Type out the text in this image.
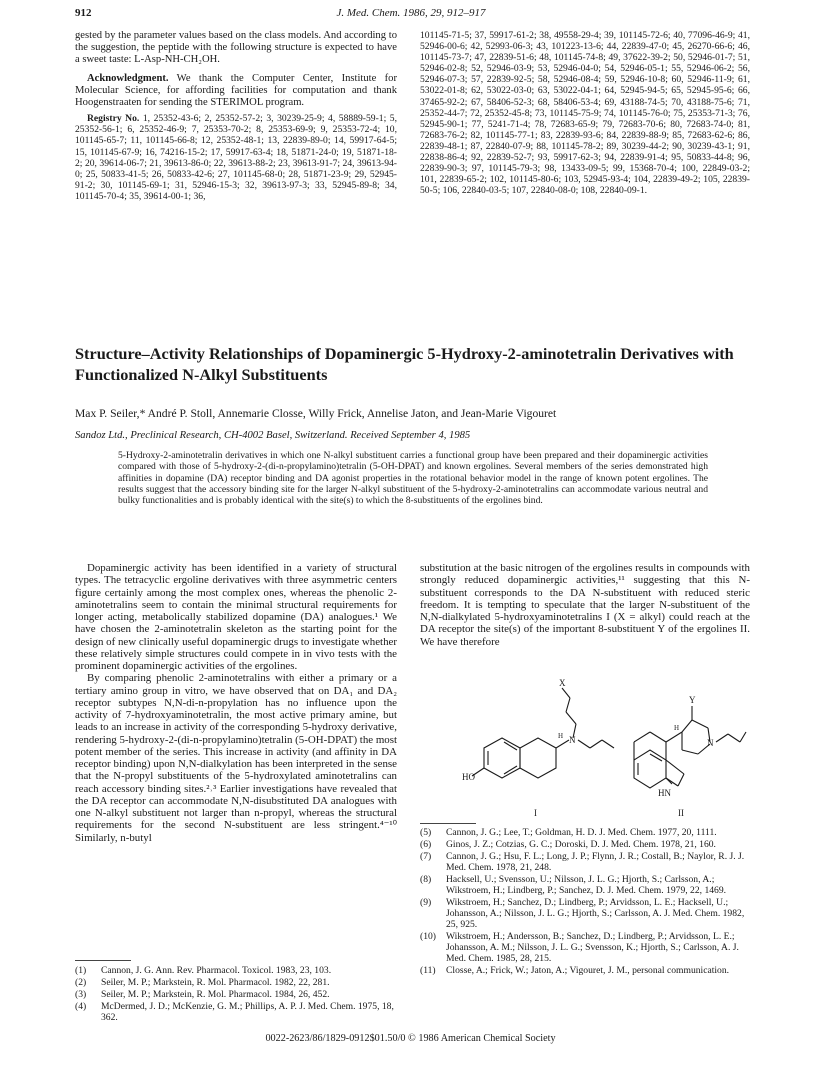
912	J. Med. Chem. 1986, 29, 912–917

gested by the parameter values based on the class models. And according to the suggestion, the peptide with the following structure is expected to have a sweet taste: L-Asp-NH-CH₂OH.

Acknowledgment. We thank the Computer Center, Institute for Molecular Science, for affording facilities for computation and thank Hoogenstraaten for sending the STERIMOL program.

Registry No. 1, 25352-43-6; 2, 25352-57-2; 3, 30239-25-9; 4, 58889-59-1; 5, 25352-56-1; 6, 25352-46-9; 7, 25353-70-2; 8, 25353-69-9; 9, 25353-72-4; 10, 101145-65-7; 11, 101145-66-8; 12, 25352-48-1; 13, 22839-89-0; 14, 59917-64-5; 15, 101145-67-9; 16, 74216-15-2; 17, 59917-63-4; 18, 51871-24-0; 19, 51871-18-2; 20, 39614-06-7; 21, 39613-86-0; 22, 39613-88-2; 23, 39613-91-7; 24, 39613-94-0; 25, 50833-41-5; 26, 50833-42-6; 27, 101145-68-0; 28, 51871-23-9; 29, 52945-91-2; 30, 101145-69-1; 31, 52946-15-3; 32, 39613-97-3; 33, 52945-89-8; 34, 101145-70-4; 35, 39614-00-1; 36,

101145-71-5; 37, 59917-61-2; 38, 49558-29-4; 39, 101145-72-6; 40, 77096-46-9; 41, 52946-00-6; 42, 52993-06-3; 43, 101223-13-6; 44, 22839-47-0; 45, 26270-66-6; 46, 101145-73-7; 47, 22839-51-6; 48, 101145-74-8; 49, 37622-39-2; 50, 52946-01-7; 51, 52946-02-8; 52, 52946-03-9; 53, 52946-04-0; 54, 52946-05-1; 55, 52946-06-2; 56, 52946-07-3; 57, 22839-92-5; 58, 52946-08-4; 59, 52946-10-8; 60, 52946-11-9; 61, 53022-01-8; 62, 53022-03-0; 63, 53022-04-1; 64, 52945-94-5; 65, 52945-95-6; 66, 37465-92-2; 67, 58406-52-3; 68, 58406-53-4; 69, 43188-74-5; 70, 43188-75-6; 71, 25352-44-7; 72, 25352-45-8; 73, 101145-75-9; 74, 101145-76-0; 75, 25353-71-3; 76, 52945-90-1; 77, 5241-71-4; 78, 72683-65-9; 79, 72683-70-6; 80, 72683-74-0; 81, 72683-76-2; 82, 101145-77-1; 83, 22839-93-6; 84, 22839-88-9; 85, 72683-62-6; 86, 22839-48-1; 87, 22840-07-9; 88, 101145-78-2; 89, 30239-44-2; 90, 30239-43-1; 91, 22838-86-4; 92, 22839-52-7; 93, 59917-62-3; 94, 22839-91-4; 95, 50833-44-8; 96, 22839-90-3; 97, 101145-79-3; 98, 13433-09-5; 99, 15368-70-4; 100, 22849-03-2; 101, 22839-65-2; 102, 101145-80-6; 103, 52945-93-4; 104, 22839-49-2; 105, 22839-50-5; 106, 22840-03-5; 107, 22840-08-0; 108, 22840-09-1.

Structure–Activity Relationships of Dopaminergic 5-Hydroxy-2-aminotetralin Derivatives with Functionalized N-Alkyl Substituents
Max P. Seiler,* André P. Stoll, Annemarie Closse, Willy Frick, Annelise Jaton, and Jean-Marie Vigouret
Sandoz Ltd., Preclinical Research, CH-4002 Basel, Switzerland. Received September 4, 1985
5-Hydroxy-2-aminotetralin derivatives in which one N-alkyl substituent carries a functional group have been prepared and their dopaminergic activities compared with those of 5-hydroxy-2-(di-n-propylamino)tetralin (5-OH-DPAT) and known ergolines. Several members of the series demonstrated high affinities in dopamine (DA) receptor binding and DA agonist properties in the rotational behavior model in the range of known potent ergolines. The results suggest that the accessory binding site for the larger N-alkyl substituent of the 5-hydroxy-2-aminotetralins can accommodate various neutral and bulky functionalities and is probably identical with the site(s) to which the 8-substituents of the ergolines bind.

Dopaminergic activity has been identified in a variety of structural types. The tetracyclic ergoline derivatives with three asymmetric centers figure certainly among the most complex ones, whereas the phenolic 2-aminotetralins seem to contain the minimal structural requirements for longer acting, metabolically stabilized dopamine (DA) analogues.¹ We have chosen the 2-aminotetralin skeleton as the starting point for the design of new clinically useful dopaminergic drugs to investigate whether these relatively simple structures could compete in in vivo tests with the prominent dopaminergic activities of the ergolines.

By comparing phenolic 2-aminotetralins with either a primary or a tertiary amino group in vitro, we have observed that on DA₁ and DA₂ receptor subtypes N,N-di-n-propylation has no influence upon the activity of 7-hydroxyaminotetralin, the most active primary amine, but leads to an increase in activity of the corresponding 5-hydroxy derivative, rendering 5-hydroxy-2-(di-n-propylamino)tetralin (5-OH-DPAT) the most potent member of the series. This increase in activity (and affinity in DA receptor binding) upon N,N-dialkylation has been interpreted in the sense that the N-propyl substituents of the 5-hydroxylated aminotetralins can reach accessory binding sites.²˒³ Earlier investigations have revealed that the DA receptor can accommodate N,N-disubstituted DA analogues with one N-alkyl substituent not larger than n-propyl, whereas the structural requirements for the second N-substituent are less stringent.⁴⁻¹⁰ Similarly, n-butyl

(1) Cannon, J. G. Ann. Rev. Pharmacol. Toxicol. 1983, 23, 103.
(2) Seiler, M. P.; Markstein, R. Mol. Pharmacol. 1982, 22, 281.
(3) Seiler, M. P.; Markstein, R. Mol. Pharmacol. 1984, 26, 452.
(4) McDermed, J. D.; McKenzie, G. M.; Phillips, A. P. J. Med. Chem. 1975, 18, 362.

substitution at the basic nitrogen of the ergolines results in compounds with strongly reduced dopaminergic activities,¹¹ suggesting that this N-substituent corresponds to the DA N-substituent with reduced steric freedom. It is tempting to speculate that the larger N-substituent of the N,N-dialkylated 5-hydroxyaminotetralins I (X = alkyl) could reach at the DA receptor the site(s) of the important 8-substituent Y of the ergolines II. We have therefore

HO
X
N
H
I
Y
N
H
HN
II
(5) Cannon, J. G.; Lee, T.; Goldman, H. D. J. Med. Chem. 1977, 20, 1111.
(6) Ginos, J. Z.; Cotzias, G. C.; Doroski, D. J. Med. Chem. 1978, 21, 160.
(7) Cannon, J. G.; Hsu, F. L.; Long, J. P.; Flynn, J. R.; Costall, B.; Naylor, R. J. J. Med. Chem. 1978, 21, 248.
(8) Hacksell, U.; Svensson, U.; Nilsson, J. L. G.; Hjorth, S.; Carlsson, A.; Wikstroem, H.; Lindberg, P.; Sanchez, D. J. Med. Chem. 1979, 22, 1469.
(9) Wikstroem, H.; Sanchez, D.; Lindberg, P.; Arvidsson, L. E.; Hacksell, U.; Johansson, A.; Nilsson, J. L. G.; Hjorth, S.; Carlsson, A. J. Med. Chem. 1982, 25, 925.
(10) Wikstroem, H.; Andersson, B.; Sanchez, D.; Lindberg, P.; Arvidsson, L. E.; Johansson, A. M.; Nilsson, J. L. G.; Svensson, K.; Hjorth, S.; Carlsson, A. J. Med. Chem. 1985, 28, 215.
(11) Closse, A.; Frick, W.; Jaton, A.; Vigouret, J. M., personal communication.
0022-2623/86/1829-0912$01.50/0 © 1986 American Chemical Society
